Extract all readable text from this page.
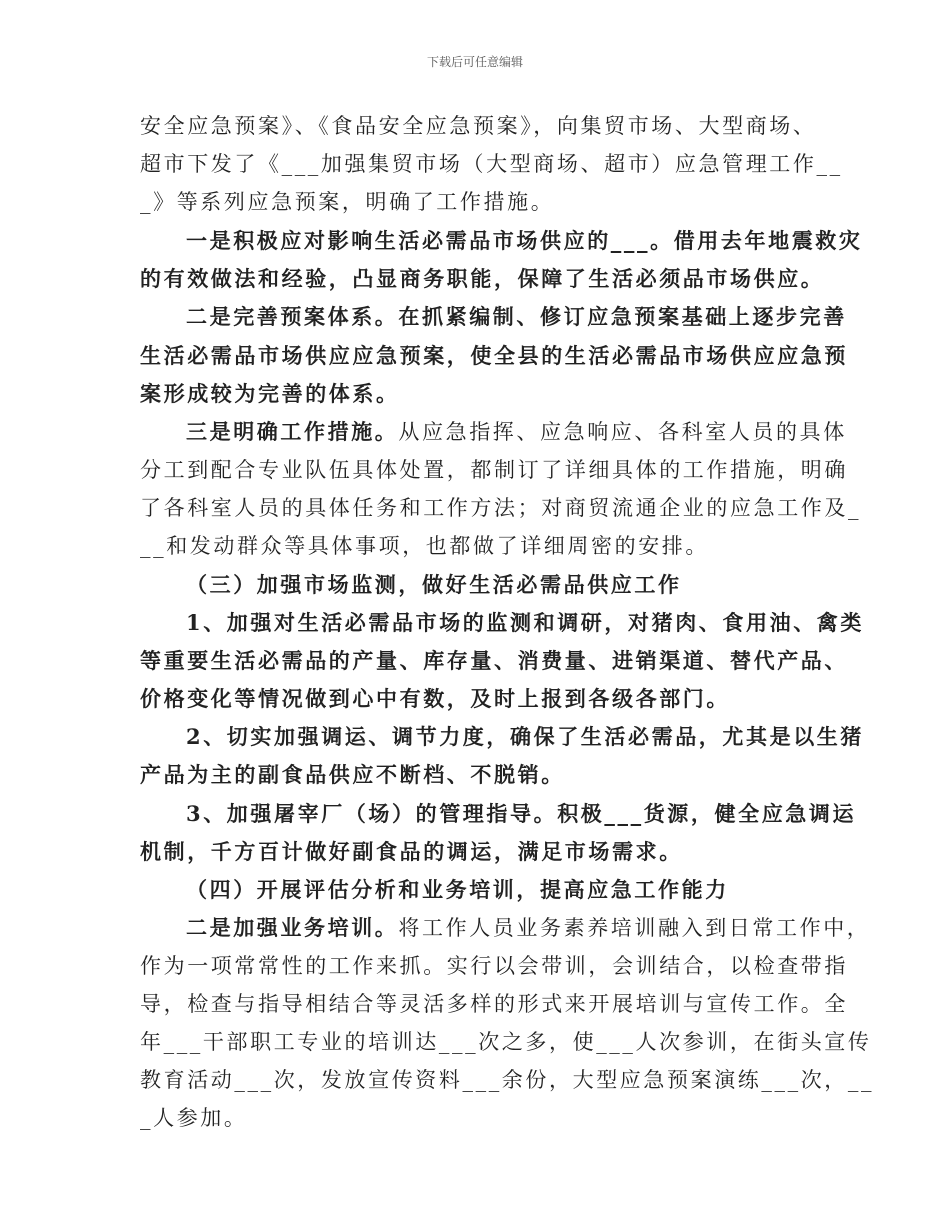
下载后可任意编辑
安全应急预案》、《食品安全应急预案》，向集贸市场、大型商场、
超市下发了《___加强集贸市场（大型商场、超市）应急管理工作__
_》等系列应急预案，明确了工作措施。
一是积极应对影响生活必需品市场供应的___。借用去年地震救灾
的有效做法和经验，凸显商务职能，保障了生活必须品市场供应。
二是完善预案体系。在抓紧编制、修订应急预案基础上逐步完善
生活必需品市场供应应急预案，使全县的生活必需品市场供应应急预
案形成较为完善的体系。
三是明确工作措施。从应急指挥、应急响应、各科室人员的具体
分工到配合专业队伍具体处置，都制订了详细具体的工作措施，明确
了各科室人员的具体任务和工作方法；对商贸流通企业的应急工作及_
__和发动群众等具体事项，也都做了详细周密的安排。
（三）加强市场监测，做好生活必需品供应工作
1、加强对生活必需品市场的监测和调研，对猪肉、食用油、禽类
等重要生活必需品的产量、库存量、消费量、进销渠道、替代产品、
价格变化等情况做到心中有数，及时上报到各级各部门。
2、切实加强调运、调节力度，确保了生活必需品，尤其是以生猪
产品为主的副食品供应不断档、不脱销。
3、加强屠宰厂（场）的管理指导。积极___货源，健全应急调运
机制，千方百计做好副食品的调运，满足市场需求。
（四）开展评估分析和业务培训，提高应急工作能力
二是加强业务培训。将工作人员业务素养培训融入到日常工作中，
作为一项常常性的工作来抓。实行以会带训，会训结合，以检查带指
导，检查与指导相结合等灵活多样的形式来开展培训与宣传工作。全
年___干部职工专业的培训达___次之多，使___人次参训，在街头宣传
教育活动___次，发放宣传资料___余份，大型应急预案演练___次，__
_人参加。
